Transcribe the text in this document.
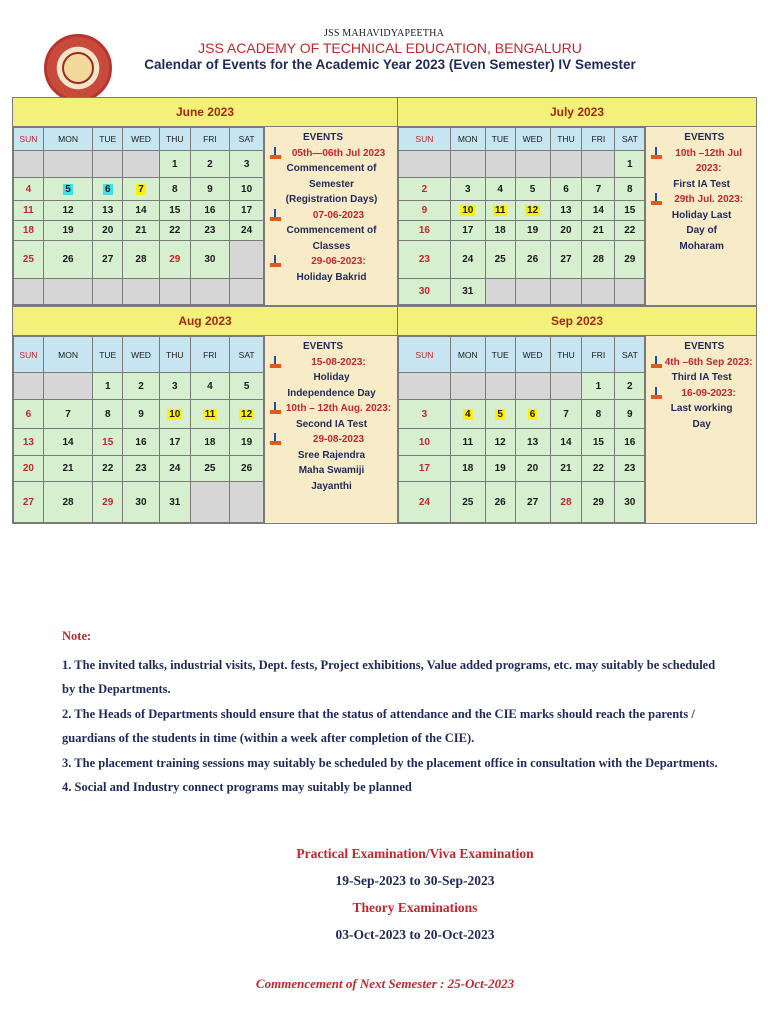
JSS MAHAVIDYAPEETHA
JSS ACADEMY OF TECHNICAL EDUCATION, BENGALURU
Calendar of Events for the Academic Year 2023 (Even Semester) IV Semester
June 2023
SUN	MON	TUE	WED	THU	FRI	SAT
				1	2	3
4	5	6	7	8	9	10
11	12	13	14	15	16	17
18	19	20	21	22	23	24
25	26	27	28	29	30	

EVENTS
05th—06th Jul 2023
Commencement of
Semester
(Registration Days)
07-06-2023
Commencement of
Classes
29-06-2023:
Holiday Bakrid
July 2023
SUN	MON	TUE	WED	THU	FRI	SAT
						1
2	3	4	5	6	7	8
9	10	11	12	13	14	15
16	17	18	19	20	21	22
23	24	25	26	27	28	29
30	31					
EVENTS
10th –12th Jul 2023:
First IA Test
29th Jul. 2023:
Holiday Last
Day of
Moharam
Aug 2023
SUN	MON	TUE	WED	THU	FRI	SAT
		1	2	3	4	5
6	7	8	9	10	11	12
13	14	15	16	17	18	19
20	21	22	23	24	25	26
27	28	29	30	31		
EVENTS
15-08-2023:
Holiday
Independence Day
10th – 12th Aug. 2023:
Second IA Test
29-08-2023
Sree Rajendra
Maha Swamiji
Jayanthi
Sep 2023
SUN	MON	TUE	WED	THU	FRI	SAT
					1	2
3	4	5	6	7	8	9
10	11	12	13	14	15	16
17	18	19	20	21	22	23
24	25	26	27	28	29	30
EVENTS
4th –6th Sep 2023:
Third IA Test
16-09-2023:
Last working
Day
Note:
1. The invited talks, industrial visits, Dept. fests, Project exhibitions, Value added programs, etc. may suitably be scheduled by the Departments.
2. The Heads of Departments should ensure that the status of attendance and the CIE marks should reach the parents / guardians of the students in time (within a week after completion of the CIE).
3. The placement training sessions may suitably be scheduled by the placement office in consultation with the Departments.
4. Social and Industry connect programs may suitably be planned
Practical Examination/Viva Examination
19-Sep-2023 to 30-Sep-2023
Theory Examinations
03-Oct-2023 to 20-Oct-2023
Commencement of Next Semester : 25-Oct-2023
